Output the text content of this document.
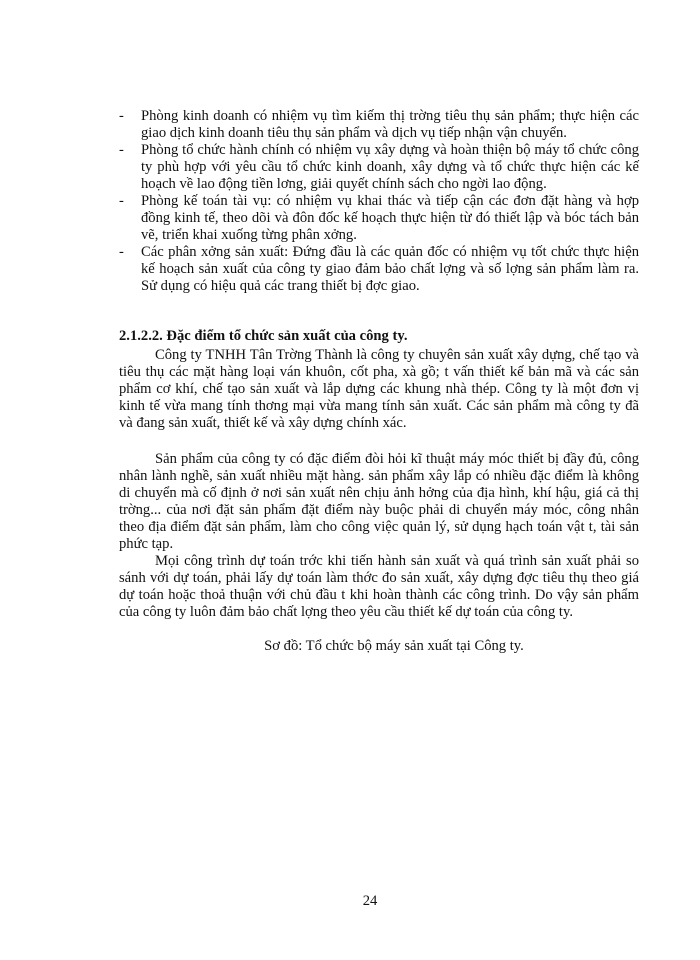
- Phòng kinh doanh có nhiệm vụ tìm kiếm thị trờng tiêu thụ sản phẩm; thực hiện các giao dịch kinh doanh tiêu thụ sản phẩm và dịch vụ tiếp nhận vận chuyển.
- Phòng tổ chức hành chính có nhiệm vụ xây dựng và hoàn thiện bộ máy tổ chức công ty phù hợp với yêu cầu tổ chức kinh doanh, xây dựng và tổ chức thực hiện các kế hoạch về lao động tiền lơng, giải quyết chính sách cho ngời lao động.
- Phòng kế toán tài vụ: có nhiệm vụ khai thác và tiếp cận các đơn đặt hàng và hợp đồng kinh tế, theo dõi và đôn đốc kế hoạch thực hiện từ đó thiết lập và bóc tách bản vẽ, triển khai xuống từng phân xởng.
- Các phân xởng sản xuất: Đứng đầu là các quản đốc có nhiệm vụ tốt chức thực hiện kế hoạch sản xuất của công ty giao đảm bảo chất lợng và số lợng sản phẩm làm ra. Sử dụng có hiệu quả các trang thiết bị đợc giao.

2.1.2.2. Đặc điểm tổ chức sản xuất của công ty.

Công ty TNHH Tân Trờng Thành là công ty chuyên sản xuất xây dựng, chế tạo và tiêu thụ các mặt hàng loại ván khuôn, cốt pha, xà gồ; t vấn thiết kế bản mã và các sản phẩm cơ khí, chế tạo sản xuất và lắp dựng các khung nhà thép. Công ty là một đơn vị kinh tế vừa mang tính thơng mại vừa mang tính sản xuất. Các sản phẩm mà công ty đã và đang sản xuất, thiết kế và xây dựng chính xác.

Sản phẩm của công ty có đặc điểm đòi hỏi kĩ thuật máy móc thiết bị đầy đủ, công nhân lành nghề, sản xuất nhiều mặt hàng. sản phẩm xây lắp có nhiều đặc điểm là không di chuyển mà cố định ở nơi sản xuất nên chịu ảnh hởng của địa hình, khí hậu, giá cả thị trờng... của nơi đặt sản phẩm đặt điểm này buộc phải di chuyển máy móc, công nhân theo địa điểm đặt sản phẩm, làm cho công việc quản lý, sử dụng hạch toán vật t, tài sản phức tạp.

Mọi công trình dự toán trớc khi tiến hành sản xuất và quá trình sản xuất phải so sánh với dự toán, phải lấy dự toán làm thớc đo sản xuất, xây dựng đợc tiêu thụ theo giá dự toán hoặc thoả thuận với chủ đầu t khi hoàn thành các công trình. Do vậy sản phẩm của công ty luôn đảm bảo chất lợng theo yêu cầu thiết kế dự toán của công ty.

Sơ đồ: Tổ chức bộ máy sản xuất tại Công ty.

24
